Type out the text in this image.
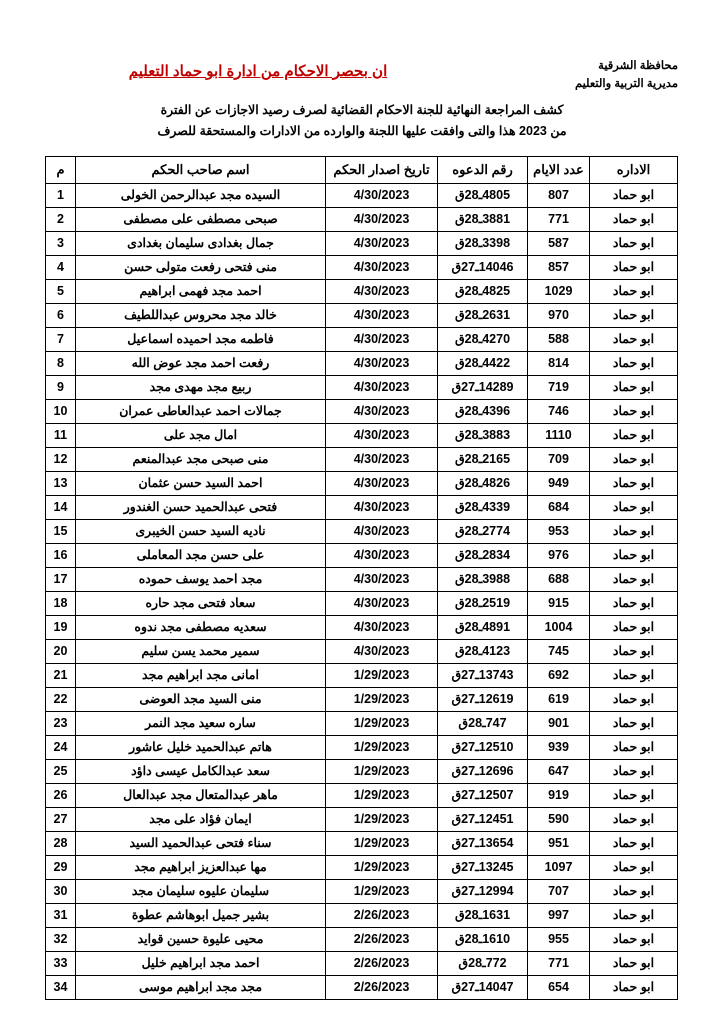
محافظة الشرقية
مديرية التربية والتعليم
ان بحصر الاحكام من ادارة ابو حماد التعليم
كشف المراجعة النهائية للجنة الاحكام القضائية لصرف رصيد الاجازات عن الفترة
من 2023 هذا والتى وافقت عليها اللجنة والوارده من الادارات والمستحقة للصرف
الاداره	عدد الايام	رقم الدعوه	تاريخ اصدار الحكم	اسم صاحب الحكم	م
ابو حماد	807	4805ـ28ق	4/30/2023	السيده مجد عبدالرحمن الخولى	1
ابو حماد	771	3881ـ28ق	4/30/2023	صبحى مصطفى على مصطفى	2
ابو حماد	587	3398ـ28ق	4/30/2023	جمال بغدادى سليمان بغدادى	3
ابو حماد	857	14046ـ27ق	4/30/2023	منى فتحى رفعت متولى حسن	4
ابو حماد	1029	4825ـ28ق	4/30/2023	احمد مجد فهمى ابراهيم	5
ابو حماد	970	2631ـ28ق	4/30/2023	خالد مجد محروس عبداللطيف	6
ابو حماد	588	4270ـ28ق	4/30/2023	فاطمه مجد احميده اسماعيل	7
ابو حماد	814	4422ـ28ق	4/30/2023	رفعت احمد مجد عوض الله	8
ابو حماد	719	14289ـ27ق	4/30/2023	ربيع مجد مهدى مجد	9
ابو حماد	746	4396ـ28ق	4/30/2023	جمالات احمد عبدالعاطى عمران	10
ابو حماد	1110	3883ـ28ق	4/30/2023	امال مجد على	11
ابو حماد	709	2165ـ28ق	4/30/2023	منى صبحى مجد عبدالمنعم	12
ابو حماد	949	4826ـ28ق	4/30/2023	احمد السيد حسن عثمان	13
ابو حماد	684	4339ـ28ق	4/30/2023	فتحى عبدالحميد حسن الغندور	14
ابو حماد	953	2774ـ28ق	4/30/2023	ناديه السيد حسن الخيبرى	15
ابو حماد	976	2834ـ28ق	4/30/2023	على حسن مجد المعاملى	16
ابو حماد	688	3988ـ28ق	4/30/2023	مجد احمد يوسف حموده	17
ابو حماد	915	2519ـ28ق	4/30/2023	سعاد فتحى مجد حاره	18
ابو حماد	1004	4891ـ28ق	4/30/2023	سعديه مصطفى مجد ندوه	19
ابو حماد	745	4123ـ28ق	4/30/2023	سمير محمد يسن سليم	20
ابو حماد	692	13743ـ27ق	1/29/2023	امانى مجد ابراهيم مجد	21
ابو حماد	619	12619ـ27ق	1/29/2023	منى السيد مجد العوضى	22
ابو حماد	901	747ـ28ق	1/29/2023	ساره سعيد مجد النمر	23
ابو حماد	939	12510ـ27ق	1/29/2023	هاتم عبدالحميد خليل عاشور	24
ابو حماد	647	12696ـ27ق	1/29/2023	سعد عبدالكامل عيسى داؤد	25
ابو حماد	919	12507ـ27ق	1/29/2023	ماهر عبدالمتعال مجد عبدالعال	26
ابو حماد	590	12451ـ27ق	1/29/2023	ايمان فؤاد على مجد	27
ابو حماد	951	13654ـ27ق	1/29/2023	سناء فتحى عبدالحميد السيد	28
ابو حماد	1097	13245ـ27ق	1/29/2023	مها عبدالعزيز ابراهيم مجد	29
ابو حماد	707	12994ـ27ق	1/29/2023	سليمان عليوه سليمان مجد	30
ابو حماد	997	1631ـ28ق	2/26/2023	بشير جميل ابوهاشم عطوة	31
ابو حماد	955	1610ـ28ق	2/26/2023	محيى عليوة حسين قوايد	32
ابو حماد	771	772ـ28ق	2/26/2023	احمد مجد ابراهيم خليل	33
ابو حماد	654	14047ـ27ق	2/26/2023	مجد مجد ابراهيم موسى	34
